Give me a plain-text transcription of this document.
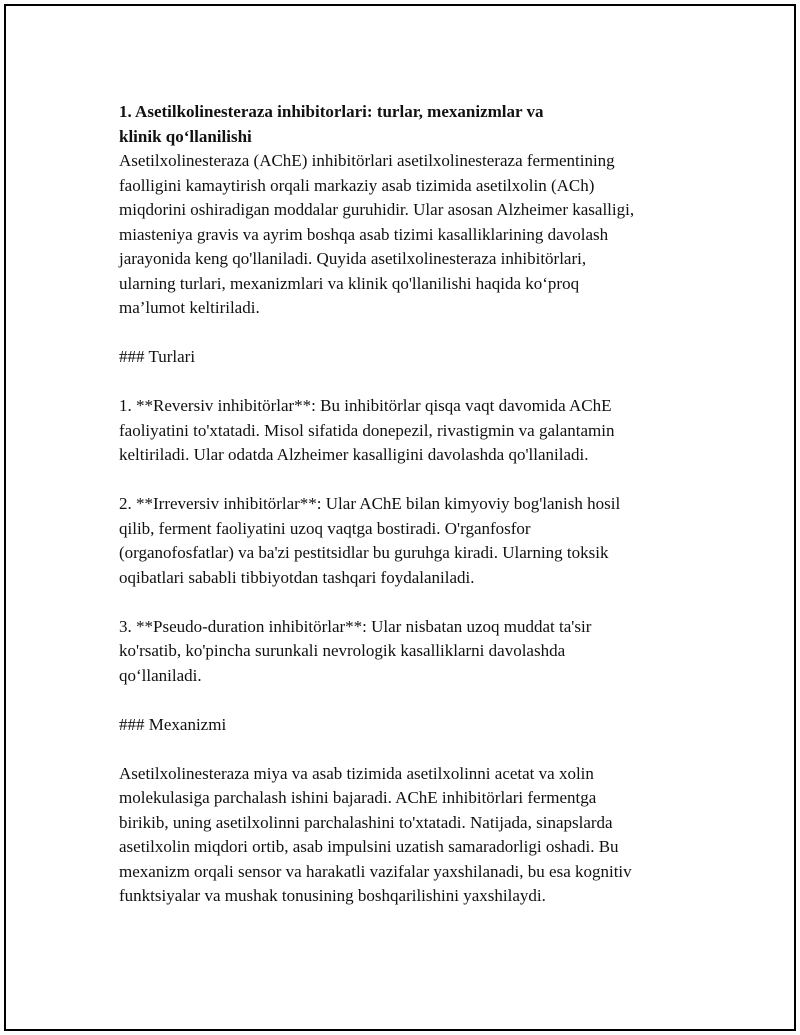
1. Asetilkolinesteraza inhibitorlari: turlar, mexanizmlar va
klinik qo‘llanilishi
Asetilxolinesteraza (AChE) inhibitörlari asetilxolinesteraza fermentining
faolligini kamaytirish orqali markaziy asab tizimida asetilxolin (ACh)
miqdorini oshiradigan moddalar guruhidir. Ular asosan Alzheimer kasalligi,
miasteniya gravis va ayrim boshqa asab tizimi kasalliklarining davolash
jarayonida keng qo'llaniladi. Quyida asetilxolinesteraza inhibitörlari,
ularning turlari, mexanizmlari va klinik qo'llanilishi haqida ko‘proq
ma’lumot keltiriladi.
### Turlari
1. **Reversiv inhibitörlar**: Bu inhibitörlar qisqa vaqt davomida AChE
faoliyatini to'xtatadi. Misol sifatida donepezil, rivastigmin va galantamin
keltiriladi. Ular odatda Alzheimer kasalligini davolashda qo'llaniladi.
2. **Irreversiv inhibitörlar**: Ular AChE bilan kimyoviy bog'lanish hosil
qilib, ferment faoliyatini uzoq vaqtga bostiradi. O'rganfosfor
(organofosfatlar) va ba'zi pestitsidlar bu guruhga kiradi. Ularning toksik
oqibatlari sababli tibbiyotdan tashqari foydalaniladi.
3. **Pseudo-duration inhibitörlar**: Ular nisbatan uzoq muddat ta'sir
ko'rsatib, ko'pincha surunkali nevrologik kasalliklarni davolashda
qo‘llaniladi.
### Mexanizmi
Asetilxolinesteraza miya va asab tizimida asetilxolinni acetat va xolin
molekulasiga parchalash ishini bajaradi. AChE inhibitörlari fermentga
birikib, uning asetilxolinni parchalashini to'xtatadi. Natijada, sinapslarda
asetilxolin miqdori ortib, asab impulsini uzatish samaradorligi oshadi. Bu
mexanizm orqali sensor va harakatli vazifalar yaxshilanadi, bu esa kognitiv
funktsiyalar va mushak tonusining boshqarilishini yaxshilaydi.
